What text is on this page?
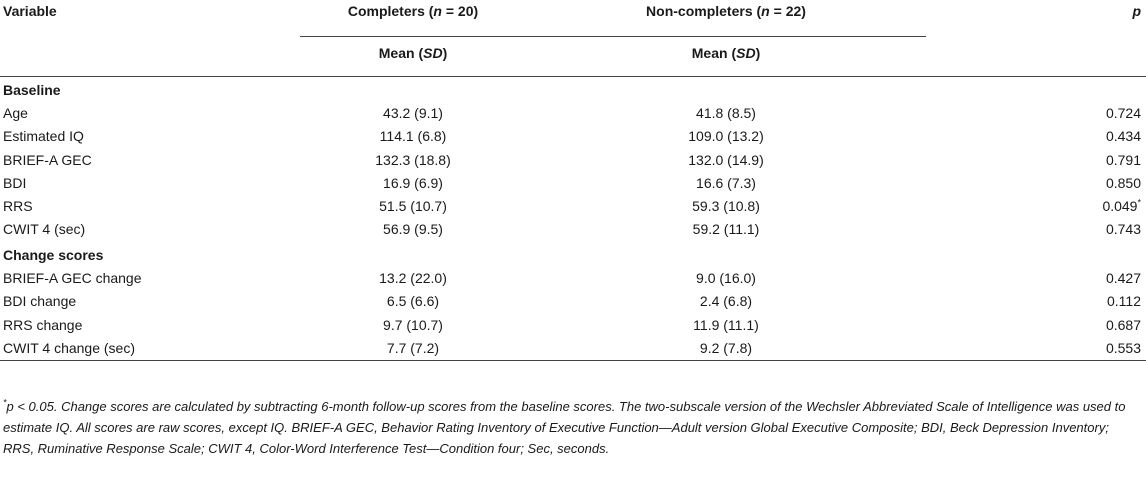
Variable	Completers (n = 20)	Non-completers (n = 22)	p
	Mean (SD)	Mean (SD)	
Baseline			
Age	43.2 (9.1)	41.8 (8.5)	0.724
Estimated IQ	114.1 (6.8)	109.0 (13.2)	0.434
BRIEF-A GEC	132.3 (18.8)	132.0 (14.9)	0.791
BDI	16.9 (6.9)	16.6 (7.3)	0.850
RRS	51.5 (10.7)	59.3 (10.8)	0.049*
CWIT 4 (sec)	56.9 (9.5)	59.2 (11.1)	0.743
Change scores			
BRIEF-A GEC change	13.2 (22.0)	9.0 (16.0)	0.427
BDI change	6.5 (6.6)	2.4 (6.8)	0.112
RRS change	9.7 (10.7)	11.9 (11.1)	0.687
CWIT 4 change (sec)	7.7 (7.2)	9.2 (7.8)	0.553
*p < 0.05. Change scores are calculated by subtracting 6-month follow-up scores from the baseline scores. The two-subscale version of the Wechsler Abbreviated Scale of Intelligence was used to estimate IQ. All scores are raw scores, except IQ. BRIEF-A GEC, Behavior Rating Inventory of Executive Function—Adult version Global Executive Composite; BDI, Beck Depression Inventory; RRS, Ruminative Response Scale; CWIT 4, Color-Word Interference Test—Condition four; Sec, seconds.
